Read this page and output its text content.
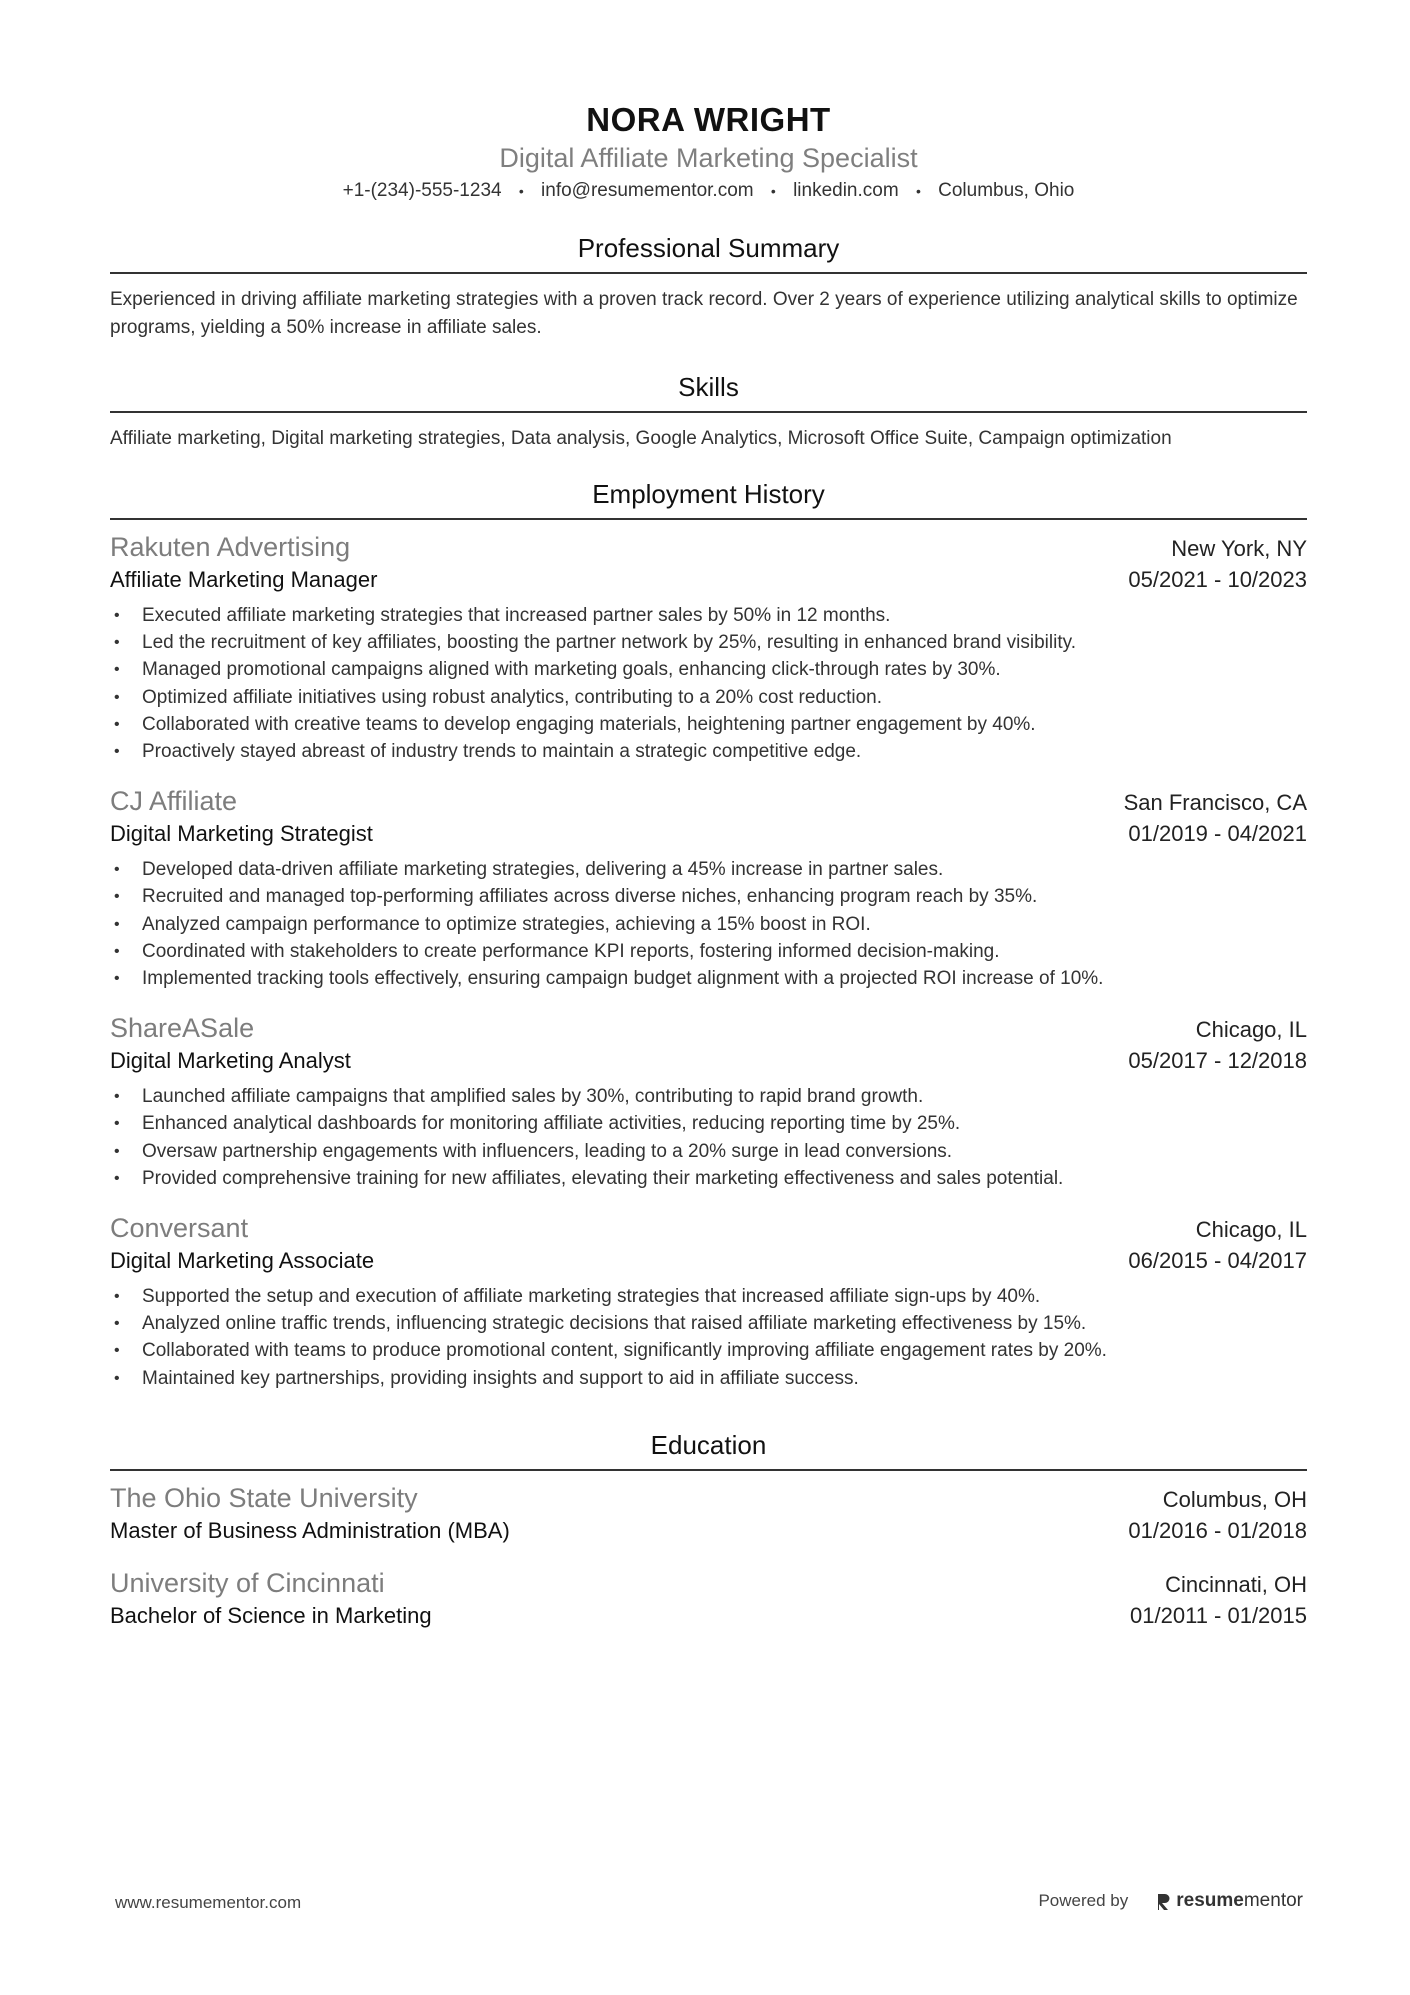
NORA WRIGHT
Digital Affiliate Marketing Specialist
+1-(234)-555-1234 • info@resumementor.com • linkedin.com • Columbus, Ohio
Professional Summary
Experienced in driving affiliate marketing strategies with a proven track record. Over 2 years of experience utilizing analytical skills to optimize programs, yielding a 50% increase in affiliate sales.
Skills
Affiliate marketing, Digital marketing strategies, Data analysis, Google Analytics, Microsoft Office Suite, Campaign optimization
Employment History
Rakuten Advertising	New York, NY
Affiliate Marketing Manager	05/2021 - 10/2023
• Executed affiliate marketing strategies that increased partner sales by 50% in 12 months.
• Led the recruitment of key affiliates, boosting the partner network by 25%, resulting in enhanced brand visibility.
• Managed promotional campaigns aligned with marketing goals, enhancing click-through rates by 30%.
• Optimized affiliate initiatives using robust analytics, contributing to a 20% cost reduction.
• Collaborated with creative teams to develop engaging materials, heightening partner engagement by 40%.
• Proactively stayed abreast of industry trends to maintain a strategic competitive edge.
CJ Affiliate	San Francisco, CA
Digital Marketing Strategist	01/2019 - 04/2021
• Developed data-driven affiliate marketing strategies, delivering a 45% increase in partner sales.
• Recruited and managed top-performing affiliates across diverse niches, enhancing program reach by 35%.
• Analyzed campaign performance to optimize strategies, achieving a 15% boost in ROI.
• Coordinated with stakeholders to create performance KPI reports, fostering informed decision-making.
• Implemented tracking tools effectively, ensuring campaign budget alignment with a projected ROI increase of 10%.
ShareASale	Chicago, IL
Digital Marketing Analyst	05/2017 - 12/2018
• Launched affiliate campaigns that amplified sales by 30%, contributing to rapid brand growth.
• Enhanced analytical dashboards for monitoring affiliate activities, reducing reporting time by 25%.
• Oversaw partnership engagements with influencers, leading to a 20% surge in lead conversions.
• Provided comprehensive training for new affiliates, elevating their marketing effectiveness and sales potential.
Conversant	Chicago, IL
Digital Marketing Associate	06/2015 - 04/2017
• Supported the setup and execution of affiliate marketing strategies that increased affiliate sign-ups by 40%.
• Analyzed online traffic trends, influencing strategic decisions that raised affiliate marketing effectiveness by 15%.
• Collaborated with teams to produce promotional content, significantly improving affiliate engagement rates by 20%.
• Maintained key partnerships, providing insights and support to aid in affiliate success.
Education
The Ohio State University	Columbus, OH
Master of Business Administration (MBA)	01/2016 - 01/2018
University of Cincinnati	Cincinnati, OH
Bachelor of Science in Marketing	01/2011 - 01/2015
www.resumementor.com	Powered by	resume mentor
